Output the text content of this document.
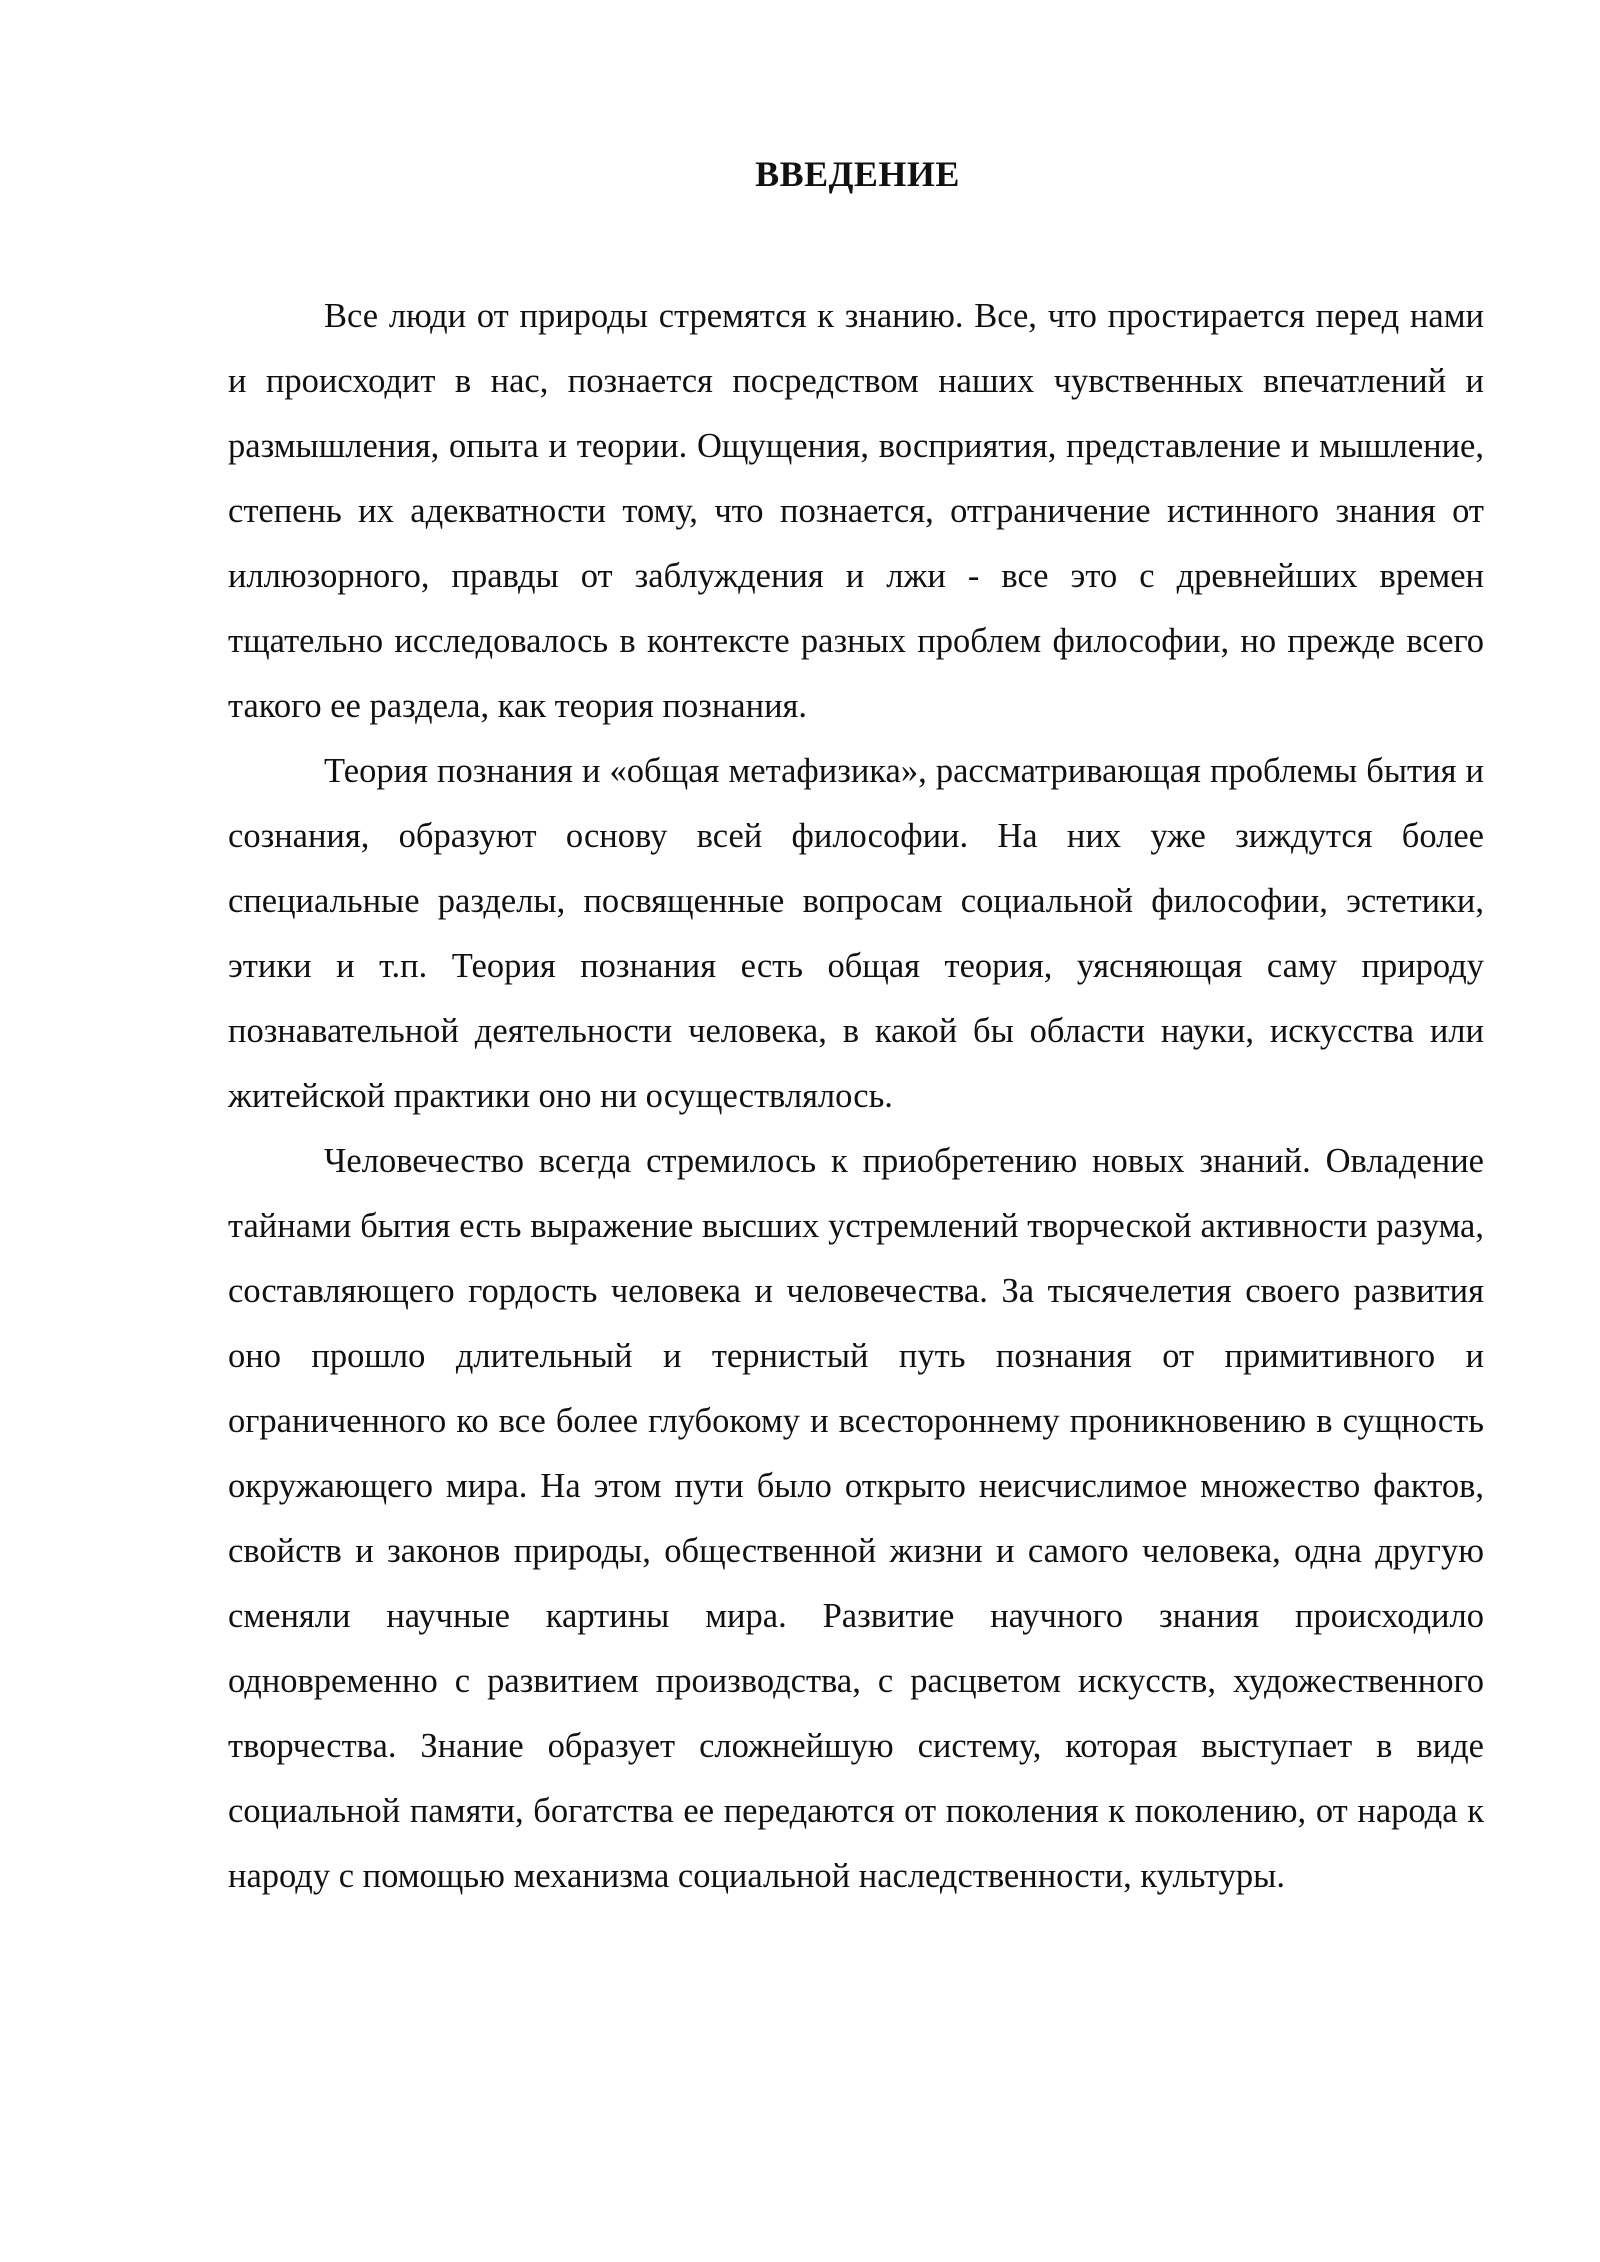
ВВЕДЕНИЕ

Все люди от природы стремятся к знанию. Все, что простирается перед нами и происходит в нас, познается посредством наших чувственных впечатлений и размышления, опыта и теории. Ощущения, восприятия, представление и мышление, степень их адекватности тому, что познается, отграничение истинного знания от иллюзорного, правды от заблуждения и лжи - все это с древнейших времен тщательно исследовалось в контексте разных проблем философии, но прежде всего такого ее раздела, как теория познания.

Теория познания и «общая метафизика», рассматривающая проблемы бытия и сознания, образуют основу всей философии. На них уже зиждутся более специальные разделы, посвященные вопросам социальной философии, эстетики, этики и т.п. Теория познания есть общая теория, уясняющая саму природу познавательной деятельности человека, в какой бы области науки, искусства или житейской практики оно ни осуществлялось.

Человечество всегда стремилось к приобретению новых знаний. Овладение тайнами бытия есть выражение высших устремлений творческой активности разума, составляющего гордость человека и человечества. За тысячелетия своего развития оно прошло длительный и тернистый путь познания от примитивного и ограниченного ко все более глубокому и всестороннему проникновению в сущность окружающего мира. На этом пути было открыто неисчислимое множество фактов, свойств и законов природы, общественной жизни и самого человека, одна другую сменяли научные картины мира. Развитие научного знания происходило одновременно с развитием производства, с расцветом искусств, художественного творчества. Знание образует сложнейшую систему, которая выступает в виде социальной памяти, богатства ее передаются от поколения к поколению, от народа к народу с помощью механизма социальной наследственности, культуры.
